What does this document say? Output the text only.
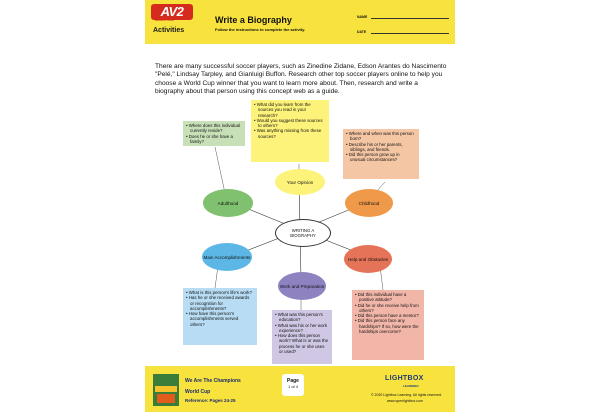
AV2
NONFICTION
Activities
Write a Biography
Follow the instructions to complete the activity.
NAME
DATE

There are many successful soccer players, such as Zinedine Zidane, Edson Arantes do Nascimento "Pelé," Lindsay Tarpley, and Gianluigi Buffon. Research other top soccer players online to help you choose a World Cup winner that you want to learn more about. Then, research and write a biography about that person using this concept web as a guide.

• What did you learn from the sources you read in your research?
• Would you suggest these sources to others?
• Was anything missing from these sources?
• Where does this individual currently reside?
• Does he or she have a family?
• Where and when was this person born?
• Describe his or her parents, siblings, and friends.
• Did this person grow up in unusual circumstances?
Your Opinion
Adulthood	Childhood
WRITING A BIOGRAPHY
Main Accomplishments	Help and Obstacles
Work and Preparation
• What is this person's life's work?
• Has he or she received awards or recognition for accomplishments?
• How have this person's accomplishments served others?
• What was this person's education?
• What was his or her work experience?
• How does this person work? What is or was the process he or she uses or used?
• Did this individual have a positive attitude?
• Did he or she receive help from others?
• Did this person have a mentor?
• Did this person face any hardships? If so, how were the hardships overcome?
We Are The Champions
World Cup
Reference: Pages 24-25
Page
1 of 4
LIGHTBOX
LEARNING
© 2020 Lightbox Learning. All rights reserved.
www.openlightbox.com
